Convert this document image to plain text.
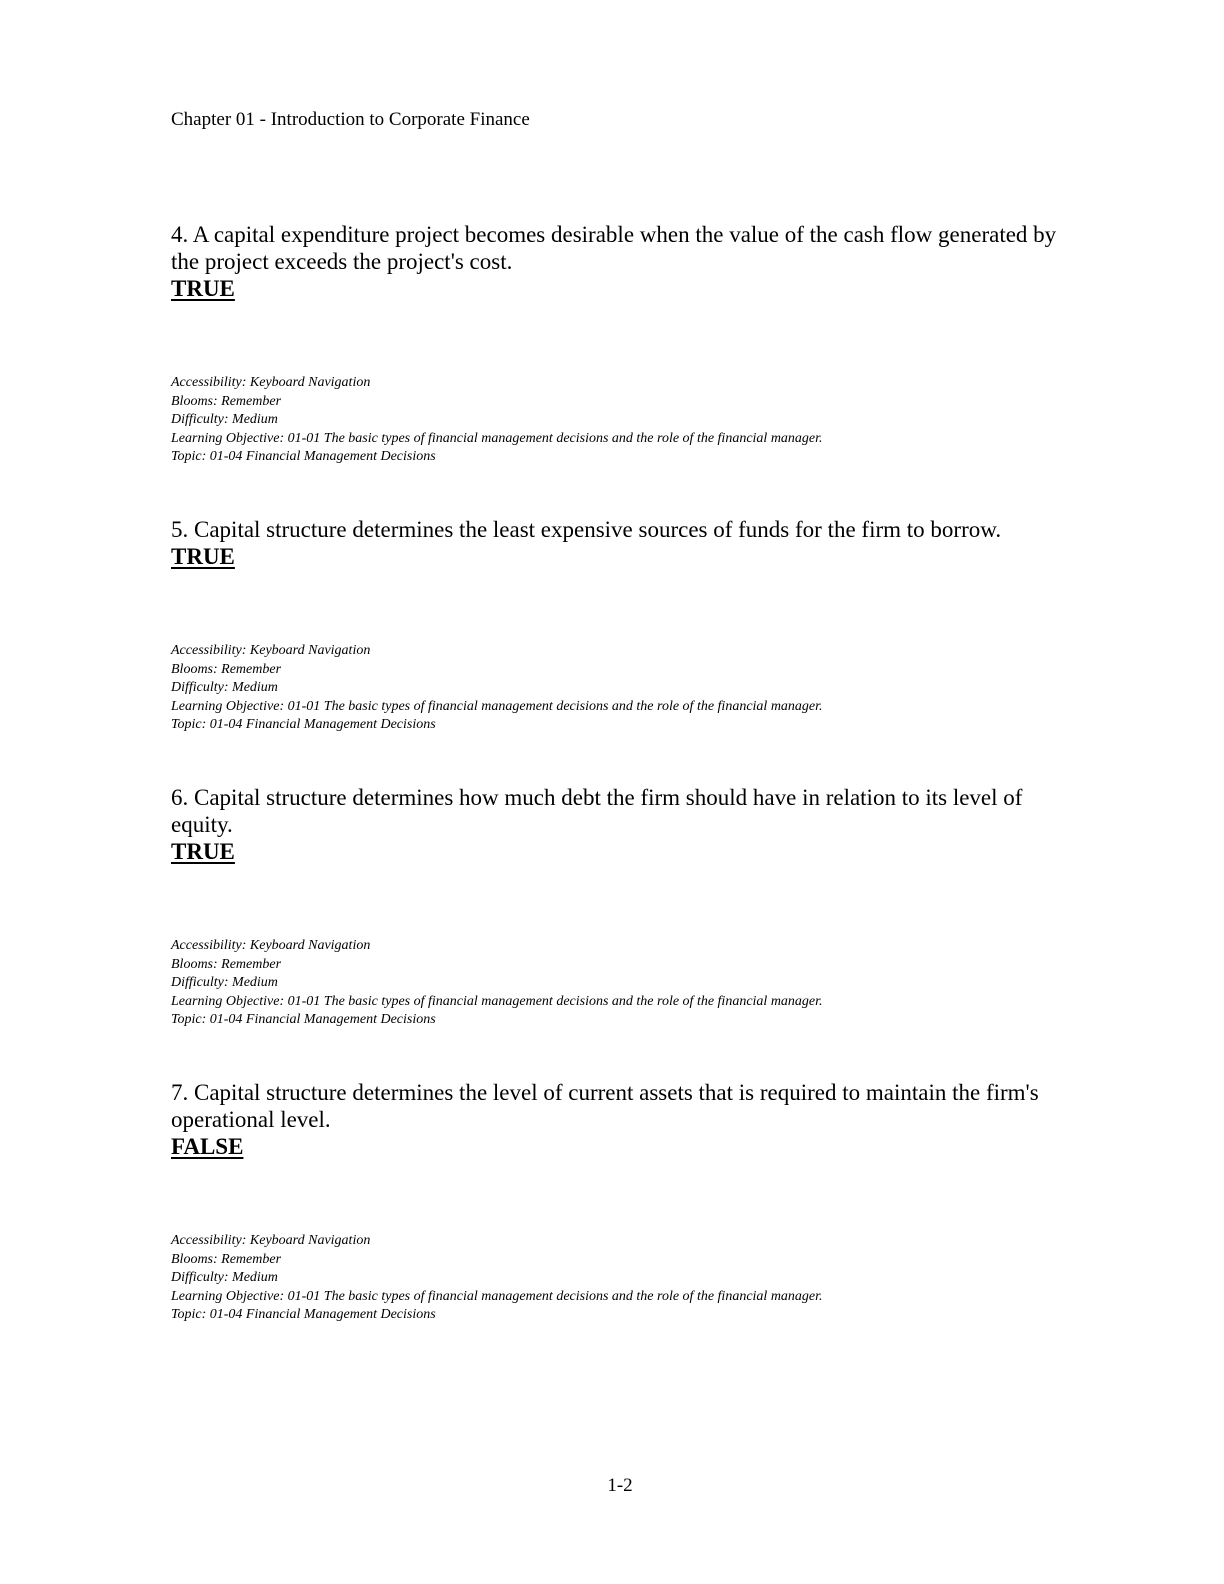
Chapter 01 - Introduction to Corporate Finance

4. A capital expenditure project becomes desirable when the value of the cash flow generated by the project exceeds the project's cost.

TRUE
Accessibility: Keyboard Navigation
Blooms: Remember
Difficulty: Medium
Learning Objective: 01-01 The basic types of financial management decisions and the role of the financial manager.
Topic: 01-04 Financial Management Decisions

5. Capital structure determines the least expensive sources of funds for the firm to borrow.

TRUE
Accessibility: Keyboard Navigation
Blooms: Remember
Difficulty: Medium
Learning Objective: 01-01 The basic types of financial management decisions and the role of the financial manager.
Topic: 01-04 Financial Management Decisions

6. Capital structure determines how much debt the firm should have in relation to its level of equity.

TRUE
Accessibility: Keyboard Navigation
Blooms: Remember
Difficulty: Medium
Learning Objective: 01-01 The basic types of financial management decisions and the role of the financial manager.
Topic: 01-04 Financial Management Decisions

7. Capital structure determines the level of current assets that is required to maintain the firm's operational level.

FALSE
Accessibility: Keyboard Navigation
Blooms: Remember
Difficulty: Medium
Learning Objective: 01-01 The basic types of financial management decisions and the role of the financial manager.
Topic: 01-04 Financial Management Decisions
1-2
